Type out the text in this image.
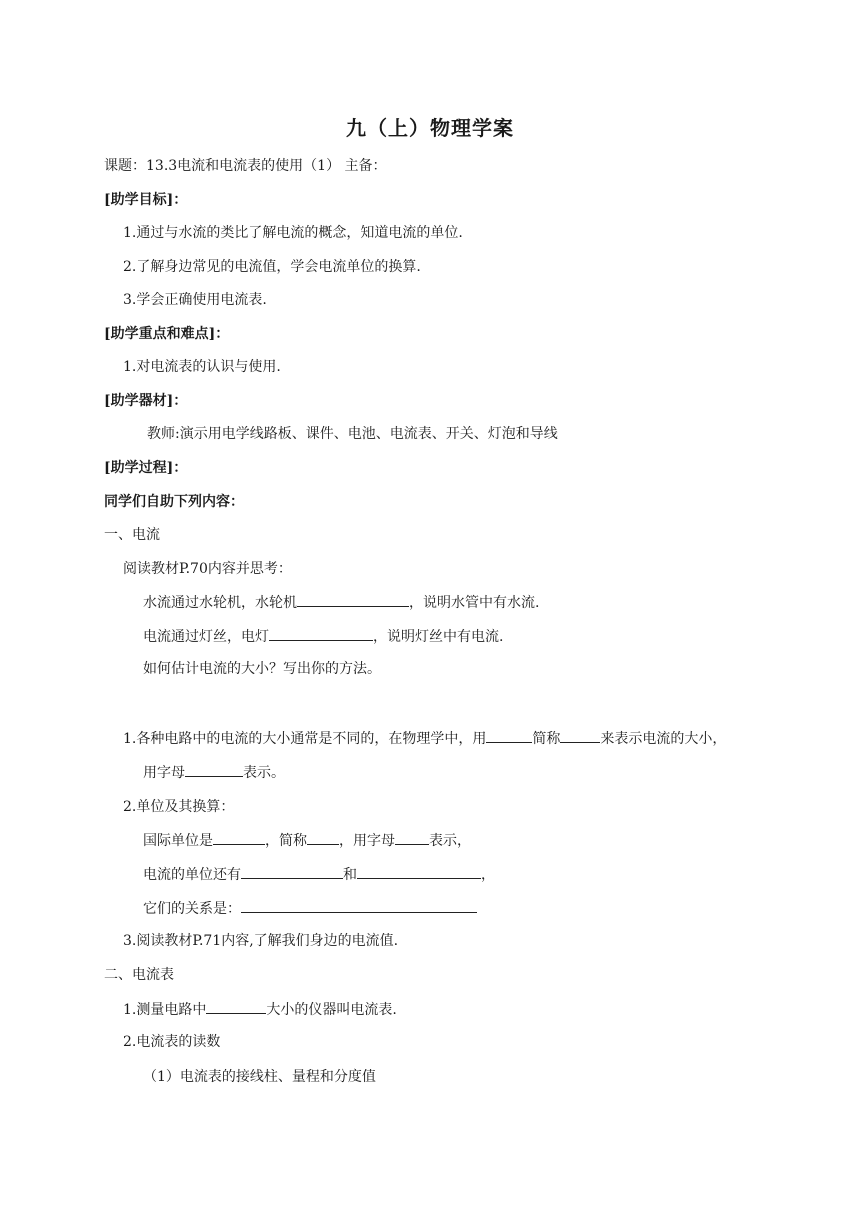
九（上）物理学案
课题：13.3电流和电流表的使用（1） 主备：
[助学目标]：
1.通过与水流的类比了解电流的概念，知道电流的单位.
2.了解身边常见的电流值，学会电流单位的换算.
3.学会正确使用电流表.
[助学重点和难点]：
1.对电流表的认识与使用.
[助学器材]：
教师:演示用电学线路板、课件、电池、电流表、开关、灯泡和导线
[助学过程]：
同学们自助下列内容：
一、电流
阅读教材P.70内容并思考：
水流通过水轮机，水轮机	，说明水管中有水流.
电流通过灯丝，电灯	，说明灯丝中有电流.
如何估计电流的大小？写出你的方法。
1.各种电路中的电流的大小通常是不同的，在物理学中，用	简称	来表示电流的大小，
用字母	表示。
2.单位及其换算：
国际单位是	，简称 ，用字母 表示，
电流的单位还有	和	，
它们的关系是：
3.阅读教材P.71内容,了解我们身边的电流值.
二、电流表
1.测量电路中	大小的仪器叫电流表.
2.电流表的读数
（1）电流表的接线柱、量程和分度值
